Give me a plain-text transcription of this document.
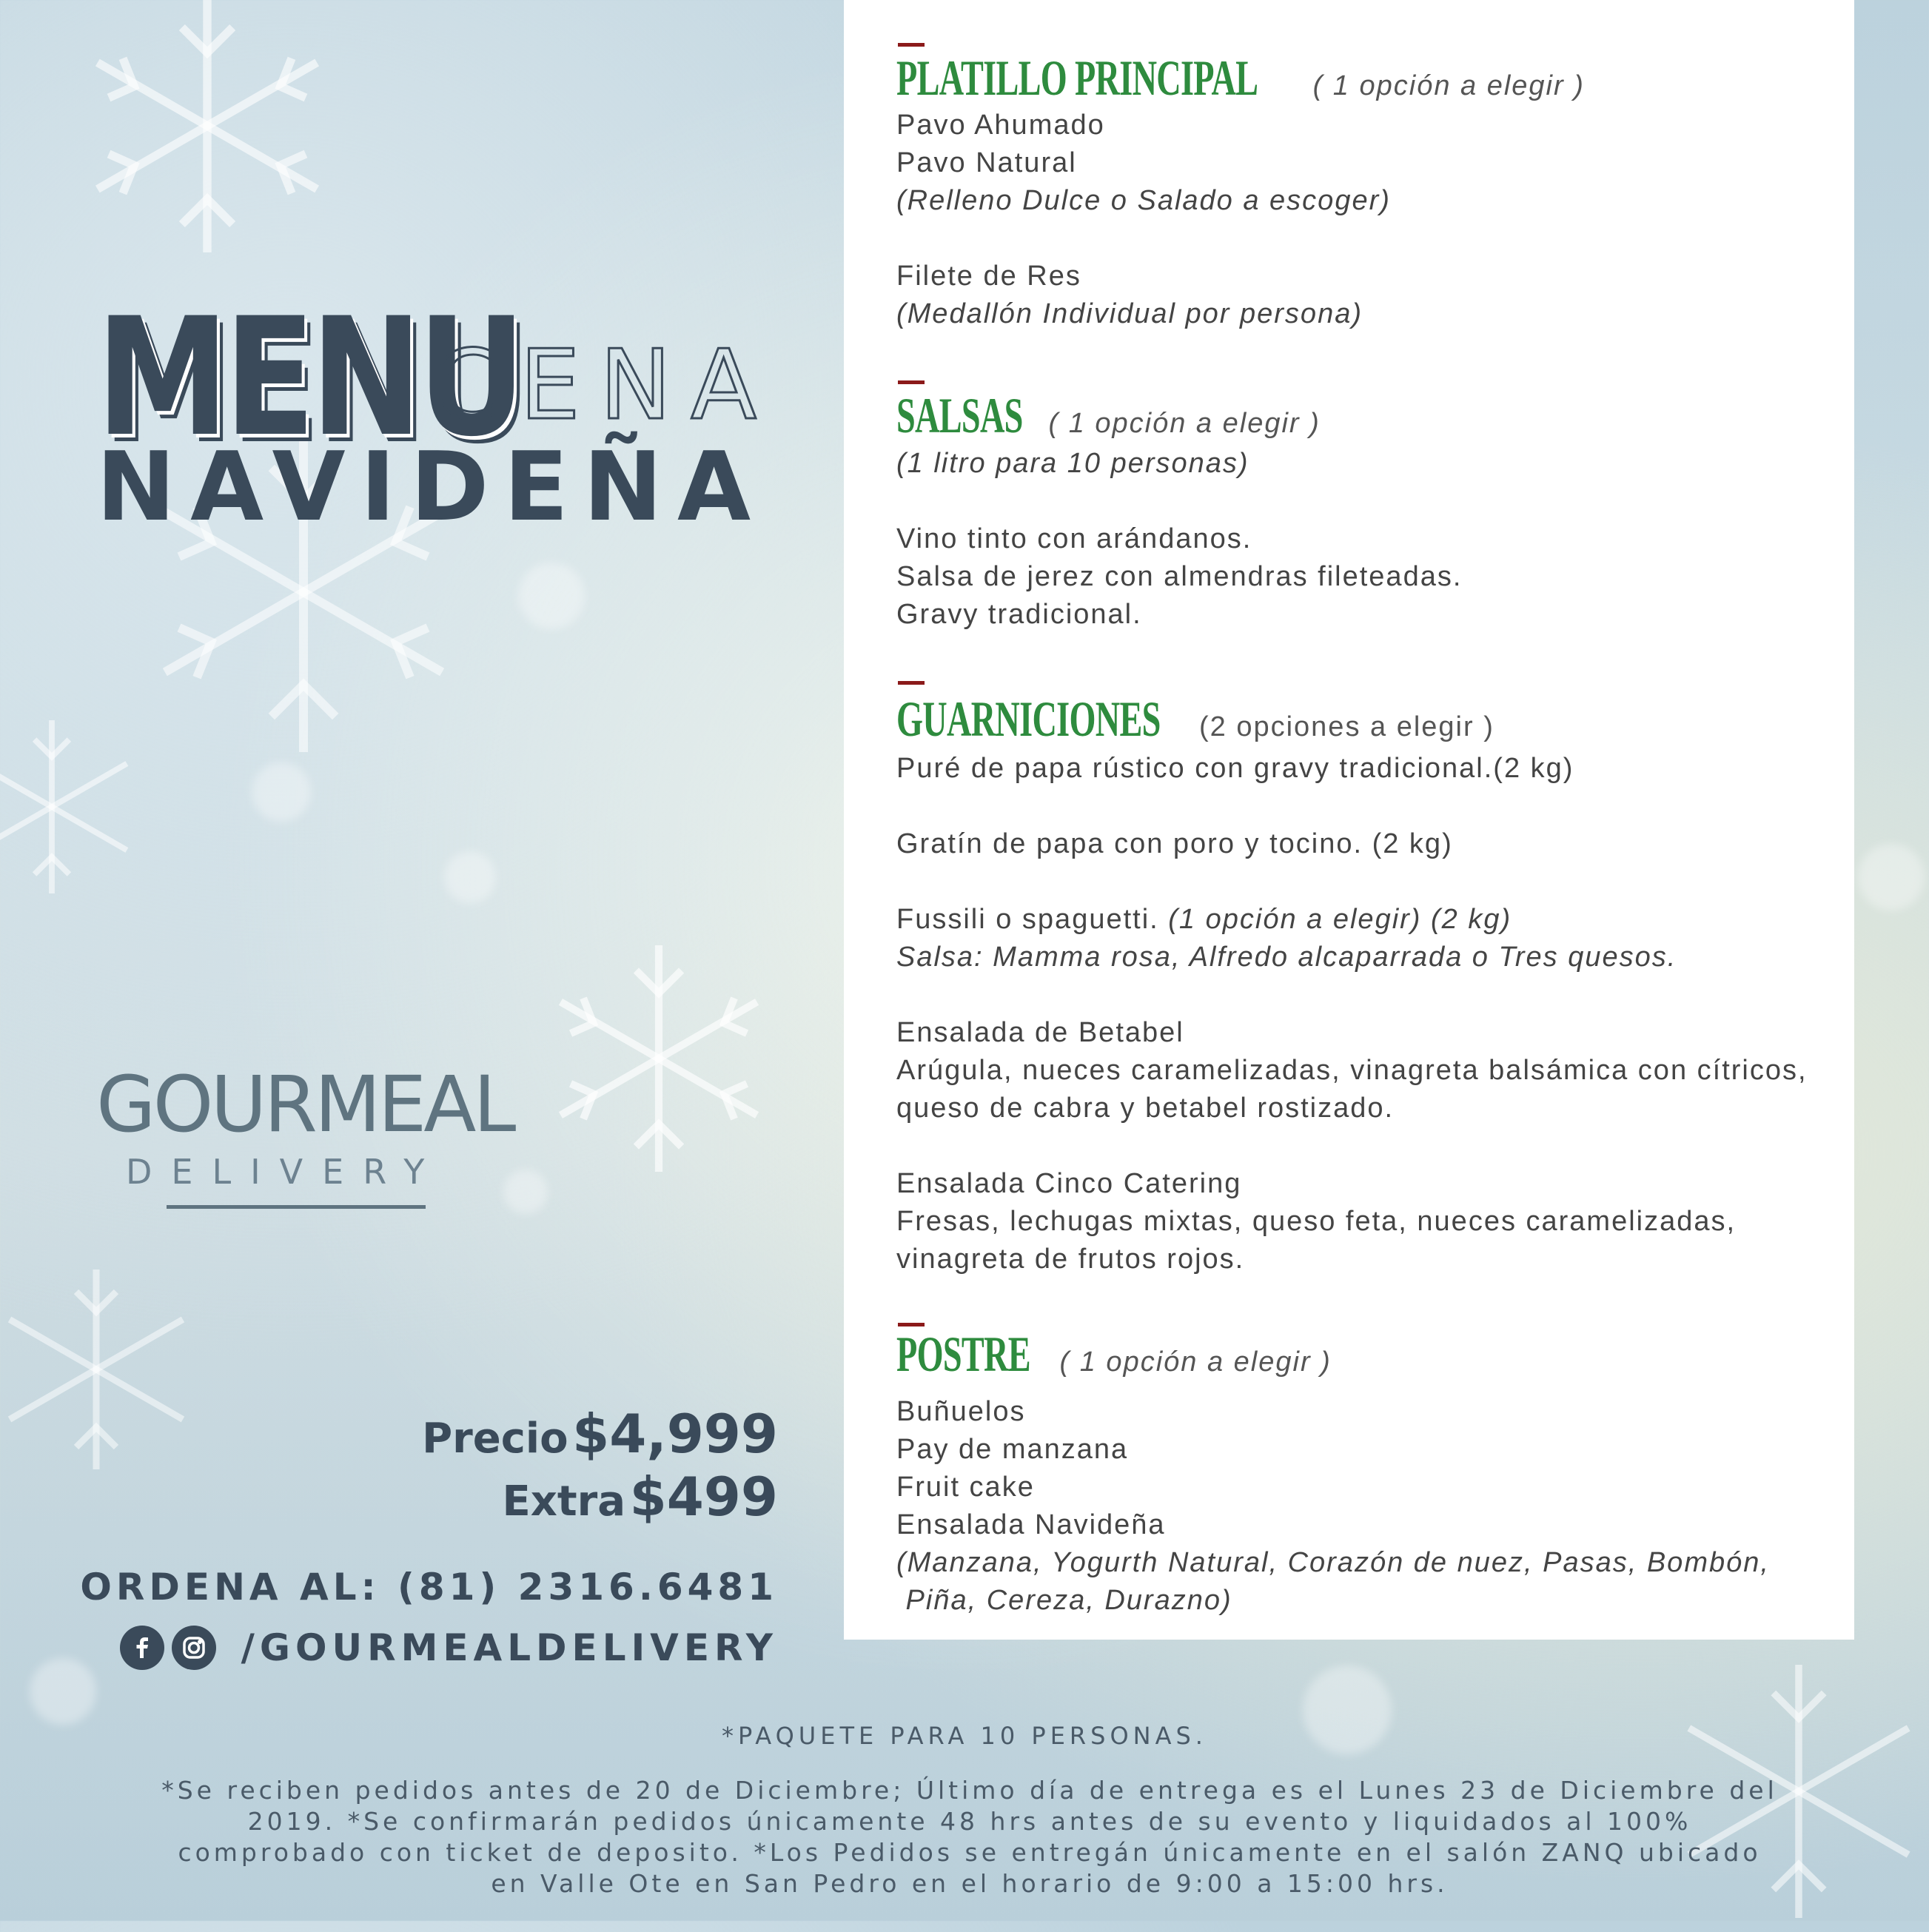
MENU
CENA
NAVIDEÑA
GOURMEAL
DELIVERY
Precio $4,999
Extra $499
ORDENA AL: (81) 2316.6481
/GOURMEALDELIVERY
PLATILLO PRINCIPAL ( 1 opción a elegir )
Pavo Ahumado
Pavo Natural
(Relleno Dulce o Salado a escoger)
Filete de Res
(Medallón Individual por persona)
SALSAS ( 1 opción a elegir )
(1 litro para 10 personas)
Vino tinto con arándanos.
Salsa de jerez con almendras fileteadas.
Gravy tradicional.
GUARNICIONES (2 opciones a elegir )
Puré de papa rústico con gravy tradicional.(2 kg)
Gratín de papa con poro y tocino. (2 kg)
Fussili o spaguetti. (1 opción a elegir) (2 kg)
Salsa: Mamma rosa, Alfredo alcaparrada o Tres quesos.
Ensalada de Betabel
Arúgula, nueces caramelizadas, vinagreta balsámica con cítricos,
queso de cabra y betabel rostizado.
Ensalada Cinco Catering
Fresas, lechugas mixtas, queso feta, nueces caramelizadas,
vinagreta de frutos rojos.
POSTRE ( 1 opción a elegir )
Buñuelos
Pay de manzana
Fruit cake
Ensalada Navideña
(Manzana, Yogurth Natural, Corazón de nuez, Pasas, Bombón,
Piña, Cereza, Durazno)
*PAQUETE PARA 10 PERSONAS.
*Se reciben pedidos antes de 20 de Diciembre; Último día de entrega es el Lunes 23 de Diciembre del 2019. *Se confirmarán pedidos únicamente 48 hrs antes de su evento y liquidados al 100% comprobado con ticket de deposito. *Los Pedidos se entregán únicamente en el salón ZANQ ubicado en Valle Ote en San Pedro en el horario de 9:00 a 15:00 hrs.
